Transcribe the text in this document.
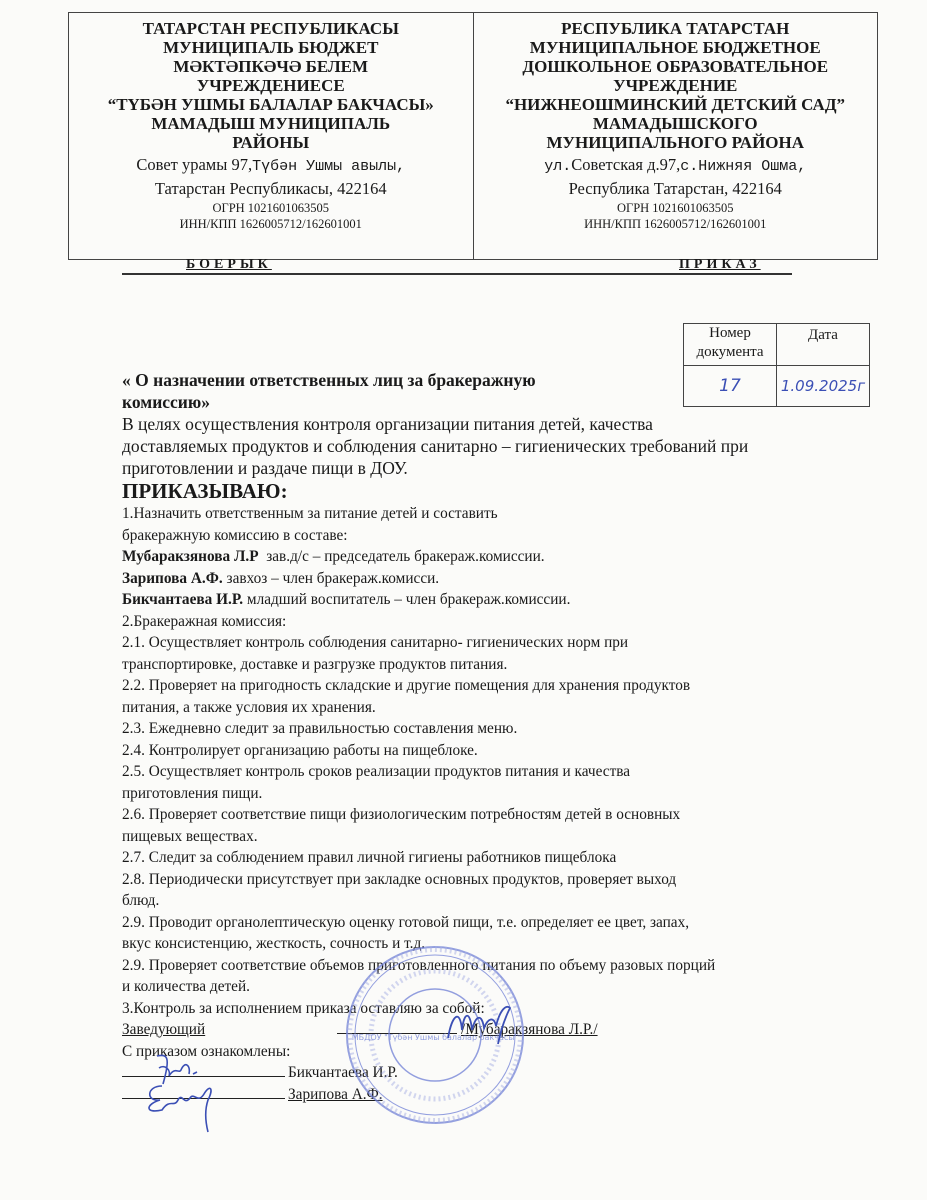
ТАТАРСТАН РЕСПУБЛИКАСЫ
МУНИЦИПАЛЬ БЮДЖЕТ
МӘКТӘПКӘЧӘ БЕЛЕМ
УЧРЕЖДЕНИЕСЕ
“ТҮБӘН УШМЫ БАЛАЛАР БАКЧАСЫ»
МАМАДЫШ МУНИЦИПАЛЬ
РАЙОНЫ
Совет урамы 97,Түбән Ушмы авылы,
Татарстан Республикасы, 422164
ОГРН 1021601063505
ИНН/КПП 1626005712/162601001
РЕСПУБЛИКА ТАТАРСТАН
МУНИЦИПАЛЬНОЕ БЮДЖЕТНОЕ
ДОШКОЛЬНОЕ ОБРАЗОВАТЕЛЬНОЕ
УЧРЕЖДЕНИЕ
“НИЖНЕОШМИНСКИЙ ДЕТСКИЙ САД”
МАМАДЫШСКОГО
МУНИЦИПАЛЬНОГО РАЙОНА
ул.Советская д.97,с.Нижняя Ошма,
Республика Татарстан, 422164
ОГРН 1021601063505
ИНН/КПП 1626005712/162601001
БОЕРЫК	ПРИКАЗ
Номер
документа	Дата
17	1.09.2025г
« О назначении ответственных лиц за бракеражную
комиссию»
В целях осуществления контроля организации питания детей, качества
доставляемых продуктов и соблюдения санитарно – гигиенических требований при
приготовлении и раздаче пищи в ДОУ.
ПРИКАЗЫВАЮ:
1.Назначить ответственным за питание детей и составить
бракеражную комиссию в составе:
Мубаракзянова Л.Р  зав.д/с – председатель бракераж.комиссии.
Зарипова А.Ф. завхоз – член бракераж.комисси.
Бикчантаева И.Р. младший воспитатель – член бракераж.комиссии.
2.Бракеражная комиссия:
2.1. Осуществляет контроль соблюдения санитарно- гигиенических норм при
транспортировке, доставке и разгрузке продуктов питания.
2.2. Проверяет на пригодность складские и другие помещения для хранения продуктов
питания, а также условия их хранения.
2.3. Ежедневно следит за правильностью составления меню.
2.4. Контролирует организацию работы на пищеблоке.
2.5. Осуществляет контроль сроков реализации продуктов питания и качества
приготовления пищи.
2.6. Проверяет соответствие пищи физиологическим потребностям детей в основных
пищевых веществах.
2.7. Следит за соблюдением правил личной гигиены работников пищеблока
2.8. Периодически присутствует при закладке основных продуктов, проверяет выход
блюд.
2.9. Проводит органолептическую оценку готовой пищи, т.е. определяет ее цвет, запах,
вкус консистенцию, жесткость, сочность и т.д.
2.9. Проверяет соответствие объемов приготовленного питания по объему разовых порций
и количества детей.
3.Контроль за исполнением приказа оставляю за собой:
Заведующий	/Мубаракзянова Л.Р./
С приказом ознакомлены:
Бикчантаева И.Р.
Зарипова А.Ф.
МБДОУ "Түбән Ушмы балалар бакчасы"
